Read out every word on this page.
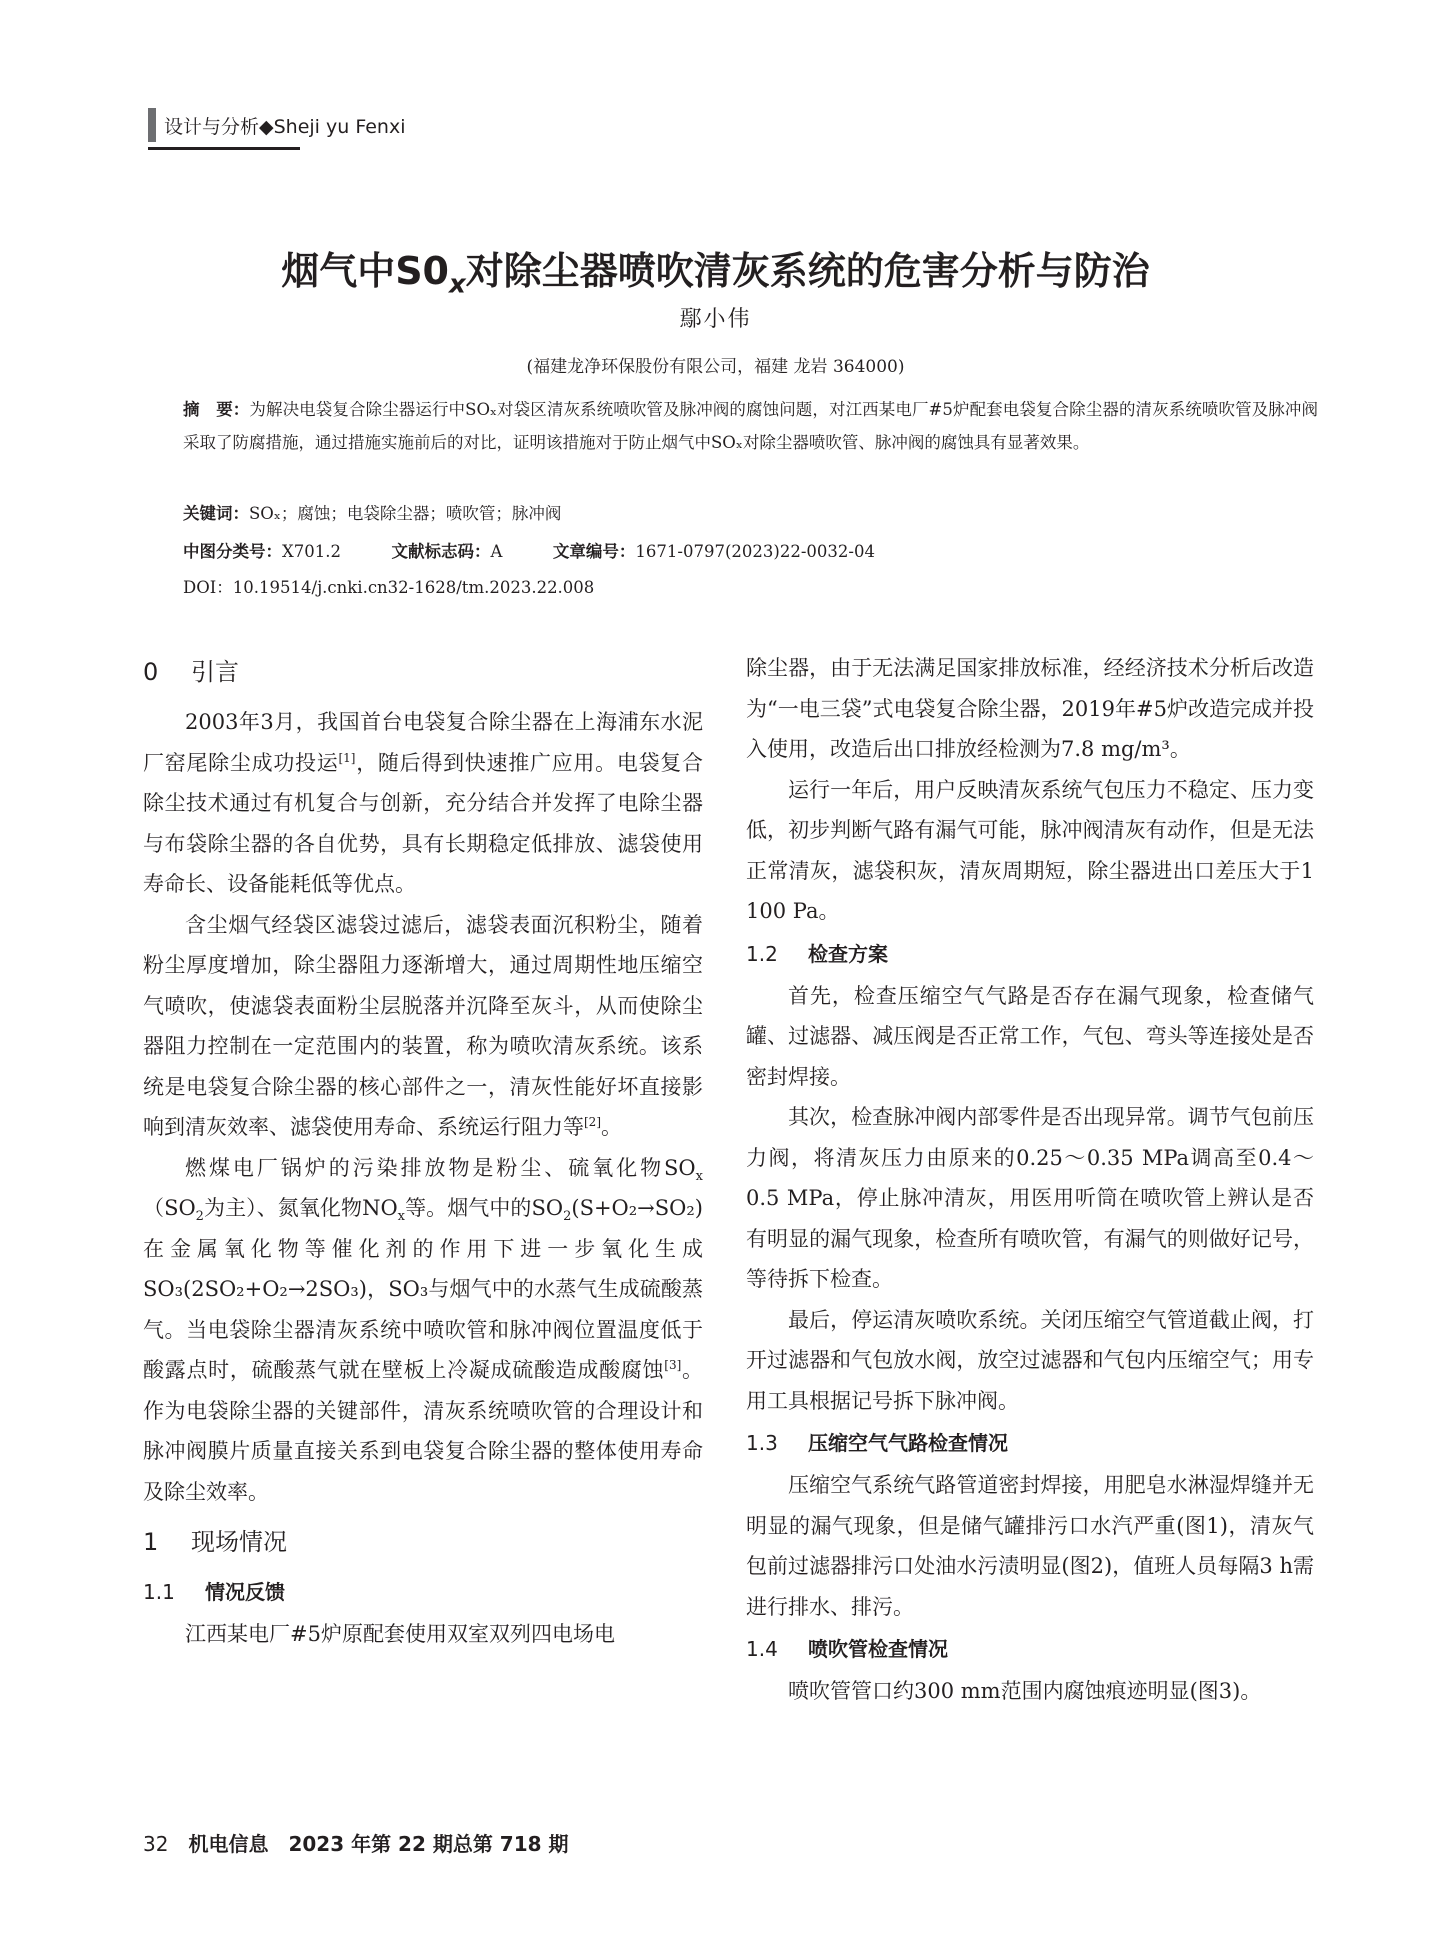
设计与分析◆Sheji yu Fenxi
烟气中$S0_x$对除尘器喷吹清灰系统的危害分析与防治
鄢小伟
(福建龙净环保股份有限公司，福建 龙岩 364000)
摘　要：为解决电袋复合除尘器运行中SOₓ对袋区清灰系统喷吹管及脉冲阀的腐蚀问题，对江西某电厂#5炉配套电袋复合除尘器的清灰系统喷吹管及脉冲阀采取了防腐措施，通过措施实施前后的对比，证明该措施对于防止烟气中SOₓ对除尘器喷吹管、脉冲阀的腐蚀具有显著效果。
关键词：SOₓ；腐蚀；电袋除尘器；喷吹管；脉冲阀
中图分类号：X701.2	文献标志码：A	文章编号：1671-0797(2023)22-0032-04
DOI：10.19514/j.cnki.cn32-1628/tm.2023.22.008
0 引言

2003年3月，我国首台电袋复合除尘器在上海浦东水泥厂窑尾除尘成功投运[1]，随后得到快速推广应用。电袋复合除尘技术通过有机复合与创新，充分结合并发挥了电除尘器与布袋除尘器的各自优势，具有长期稳定低排放、滤袋使用寿命长、设备能耗低等优点。

含尘烟气经袋区滤袋过滤后，滤袋表面沉积粉尘，随着粉尘厚度增加，除尘器阻力逐渐增大，通过周期性地压缩空气喷吹，使滤袋表面粉尘层脱落并沉降至灰斗，从而使除尘器阻力控制在一定范围内的装置，称为喷吹清灰系统。该系统是电袋复合除尘器的核心部件之一，清灰性能好坏直接影响到清灰效率、滤袋使用寿命、系统运行阻力等[2]。

燃煤电厂锅炉的污染排放物是粉尘、硫氧化物$SO_x(SO_2$为主）、氮氧化物$NO_x$等。烟气中的$SO_2(S+O_2\to SO_2)$在金属氧化物等催化剂的作用下进一步氧化生成SO₃(2SO₂+O₂→2SO₃)，SO₃与烟气中的水蒸气生成硫酸蒸气。当电袋除尘器清灰系统中喷吹管和脉冲阀位置温度低于酸露点时，硫酸蒸气就在壁板上冷凝成硫酸造成酸腐蚀[3]。作为电袋除尘器的关键部件，清灰系统喷吹管的合理设计和脉冲阀膜片质量直接关系到电袋复合除尘器的整体使用寿命及除尘效率。

1 现场情况
1.1 情况反馈

江西某电厂#5炉原配套使用双室双列四电场电

除尘器，由于无法满足国家排放标准，经经济技术分析后改造为“一电三袋”式电袋复合除尘器，2019年#5炉改造完成并投入使用，改造后出口排放经检测为7.8 mg/m³。

运行一年后，用户反映清灰系统气包压力不稳定、压力变低，初步判断气路有漏气可能，脉冲阀清灰有动作，但是无法正常清灰，滤袋积灰，清灰周期短，除尘器进出口差压大于1 100 Pa。

1.2 检查方案

首先，检查压缩空气气路是否存在漏气现象，检查储气罐、过滤器、减压阀是否正常工作，气包、弯头等连接处是否密封焊接。

其次，检查脉冲阀内部零件是否出现异常。调节气包前压力阀，将清灰压力由原来的0.25～0.35 MPa调高至0.4～0.5 MPa，停止脉冲清灰，用医用听筒在喷吹管上辨认是否有明显的漏气现象，检查所有喷吹管，有漏气的则做好记号，等待拆下检查。

最后，停运清灰喷吹系统。关闭压缩空气管道截止阀，打开过滤器和气包放水阀，放空过滤器和气包内压缩空气；用专用工具根据记号拆下脉冲阀。

1.3 压缩空气气路检查情况

压缩空气系统气路管道密封焊接，用肥皂水淋湿焊缝并无明显的漏气现象，但是储气罐排污口水汽严重(图1)，清灰气包前过滤器排污口处油水污渍明显(图2)，值班人员每隔3 h需进行排水、排污。

1.4 喷吹管检查情况

喷吹管管口约300 mm范围内腐蚀痕迹明显(图3)。

32 机电信息　2023 年第 22 期总第 718 期
